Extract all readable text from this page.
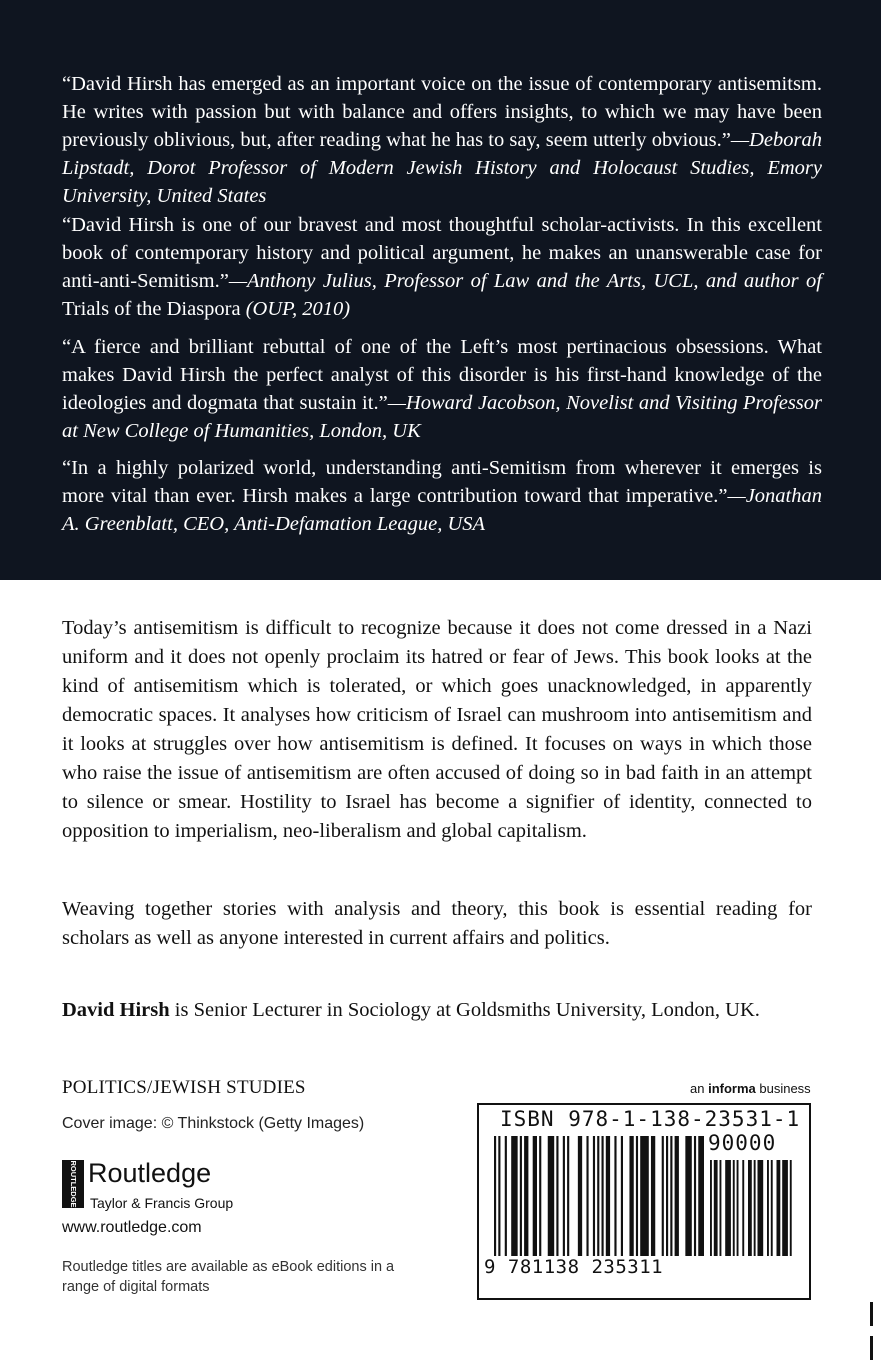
“David Hirsh has emerged as an important voice on the issue of contemporary antisemitsm. He writes with passion but with balance and offers insights, to which we may have been previously oblivious, but, after reading what he has to say, seem utterly obvious.”—Deborah Lipstadt, Dorot Professor of Modern Jewish History and Holocaust Studies, Emory University, United States
“David Hirsh is one of our bravest and most thoughtful scholar-activists. In this excellent book of contemporary history and political argument, he makes an unanswerable case for anti-anti-Semitism.”—Anthony Julius, Professor of Law and the Arts, UCL, and author of Trials of the Diaspora (OUP, 2010)
“A fierce and brilliant rebuttal of one of the Left’s most pertinacious obsessions. What makes David Hirsh the perfect analyst of this disorder is his first-hand knowledge of the ideologies and dogmata that sustain it.”—Howard Jacobson, Novelist and Visiting Professor at New College of Humanities, London, UK
“In a highly polarized world, understanding anti-Semitism from wherever it emerges is more vital than ever. Hirsh makes a large contribution toward that imperative.”—Jonathan A. Greenblatt, CEO, Anti-Defamation League, USA

Today’s antisemitism is difficult to recognize because it does not come dressed in a Nazi uniform and it does not openly proclaim its hatred or fear of Jews. This book looks at the kind of antisemitism which is tolerated, or which goes unacknowledged, in apparently democratic spaces. It analyses how criticism of Israel can mushroom into antisemitism and it looks at struggles over how antisemitism is defined. It focuses on ways in which those who raise the issue of antisemitism are often accused of doing so in bad faith in an attempt to silence or smear. Hostility to Israel has become a signifier of identity, connected to opposition to imperialism, neo-liberalism and global capitalism.

Weaving together stories with analysis and theory, this book is essential reading for scholars as well as anyone interested in current affairs and politics.

David Hirsh is Senior Lecturer in Sociology at Goldsmiths University, London, UK.
POLITICS/JEWISH STUDIES
Cover image: © Thinkstock (Getty Images)
ROUTLEDGE Routledge
Taylor & Francis Group
www.routledge.com
Routledge titles are available as eBook editions in a range of digital formats
an informa business
ISBN 978-1-138-23531-1
90000
9 781138 235311
